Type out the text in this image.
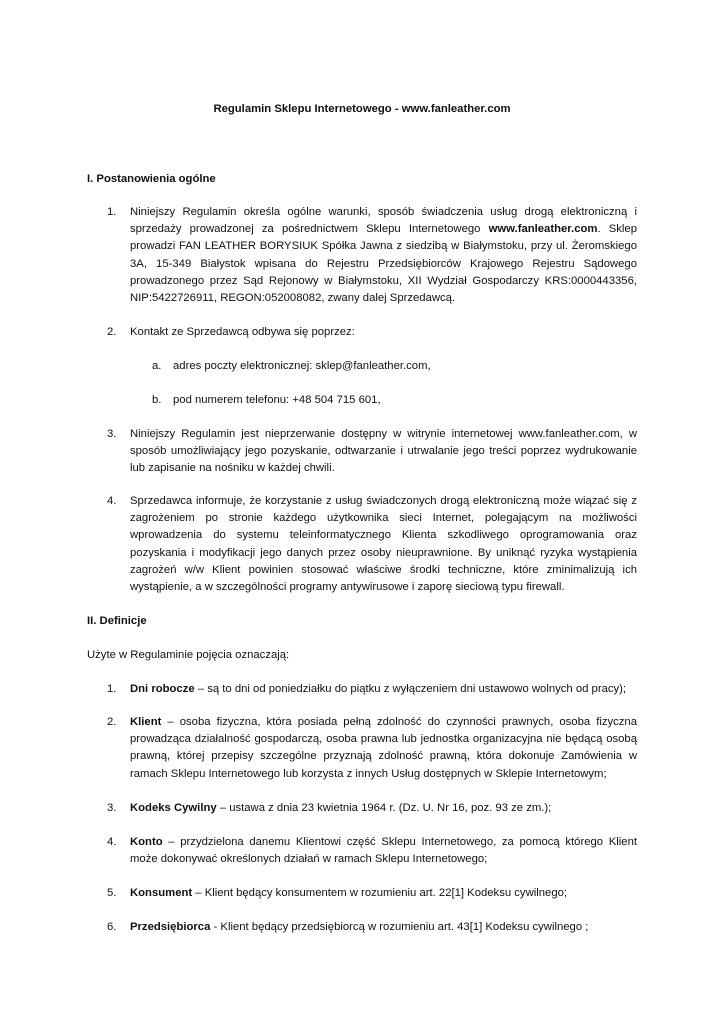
Regulamin Sklepu Internetowego - www.fanleather.com
I. Postanowienia ogólne
1. Niniejszy Regulamin określa ogólne warunki, sposób świadczenia usług drogą elektroniczną i sprzedaży prowadzonej za pośrednictwem Sklepu Internetowego www.fanleather.com. Sklep prowadzi FAN LEATHER BORYSIUK Spółka Jawna z siedzibą w Białymstoku, przy ul. Żeromskiego 3A, 15-349 Białystok wpisana do Rejestru Przedsiębiorców Krajowego Rejestru Sądowego prowadzonego przez Sąd Rejonowy w Białymstoku, XII Wydział Gospodarczy KRS:0000443356, NIP:5422726911, REGON:052008082, zwany dalej Sprzedawcą.
2. Kontakt ze Sprzedawcą odbywa się poprzez:
a. adres poczty elektronicznej: sklep@fanleather.com,
b. pod numerem telefonu: +48 504 715 601,
3. Niniejszy Regulamin jest nieprzerwanie dostępny w witrynie internetowej www.fanleather.com, w sposób umożliwiający jego pozyskanie, odtwarzanie i utrwalanie jego treści poprzez wydrukowanie lub zapisanie na nośniku w każdej chwili.
4. Sprzedawca informuje, że korzystanie z usług świadczonych drogą elektroniczną może wiązać się z zagrożeniem po stronie każdego użytkownika sieci Internet, polegającym na możliwości wprowadzenia do systemu teleinformatycznego Klienta szkodliwego oprogramowania oraz pozyskania i modyfikacji jego danych przez osoby nieuprawnione. By uniknąć ryzyka wystąpienia zagrożeń w/w Klient powinien stosować właściwe środki techniczne, które zminimalizują ich wystąpienie, a w szczególności programy antywirusowe i zaporę sieciową typu firewall.
II. Definicje
Użyte w Regulaminie pojęcia oznaczają:
1. Dni robocze – są to dni od poniedziałku do piątku z wyłączeniem dni ustawowo wolnych od pracy);
2. Klient – osoba fizyczna, która posiada pełną zdolność do czynności prawnych, osoba fizyczna prowadząca działalność gospodarczą, osoba prawna lub jednostka organizacyjna nie będącą osobą prawną, której przepisy szczególne przyznają zdolność prawną, która dokonuje Zamówienia w ramach Sklepu Internetowego lub korzysta z innych Usług dostępnych w Sklepie Internetowym;
3. Kodeks Cywilny – ustawa z dnia 23 kwietnia 1964 r. (Dz. U. Nr 16, poz. 93 ze zm.);
4. Konto – przydzielona danemu Klientowi część Sklepu Internetowego, za pomocą którego Klient może dokonywać określonych działań w ramach Sklepu Internetowego;
5. Konsument – Klient będący konsumentem w rozumieniu art. 22[1] Kodeksu cywilnego;
6. Przedsiębiorca - Klient będący przedsiębiorcą w rozumieniu art. 43[1] Kodeksu cywilnego ;
